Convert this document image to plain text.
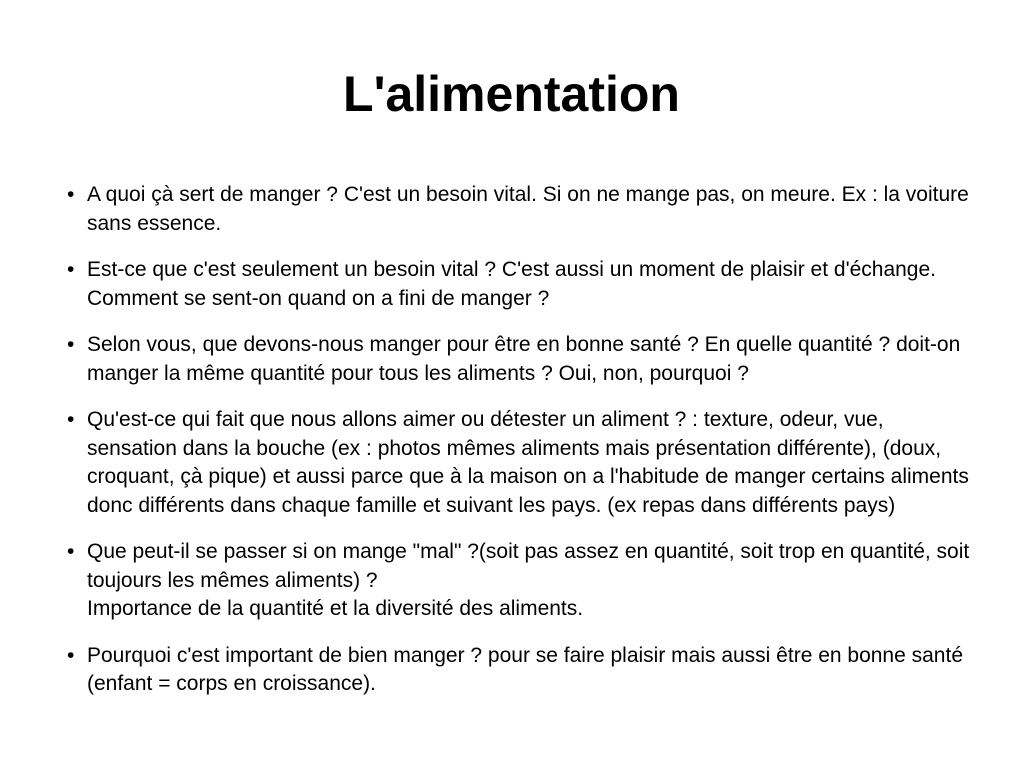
L'alimentation
• A quoi çà sert de manger ? C'est un besoin vital. Si on ne mange pas, on meure. Ex : la voiture sans essence.
• Est-ce que c'est seulement un besoin vital ? C'est aussi un moment de plaisir et d'échange. Comment se sent-on quand on a fini de manger ?
• Selon vous, que devons-nous manger pour être en bonne santé ? En quelle quantité ? doit-on manger la même quantité pour tous les aliments ? Oui, non, pourquoi ?
• Qu'est-ce qui fait que nous allons aimer ou détester un aliment ? : texture, odeur, vue, sensation dans la bouche (ex : photos mêmes aliments mais présentation différente), (doux, croquant, çà pique) et aussi parce que à la maison on a l'habitude de manger certains aliments donc différents dans chaque famille et suivant les pays. (ex repas dans différents pays)
• Que peut-il se passer si on mange "mal" ?(soit pas assez en quantité, soit trop en quantité, soit toujours les mêmes aliments) ?
Importance de la quantité et la diversité des aliments.
• Pourquoi c'est important de bien manger ? pour se faire plaisir mais aussi être en bonne santé (enfant = corps en croissance).
